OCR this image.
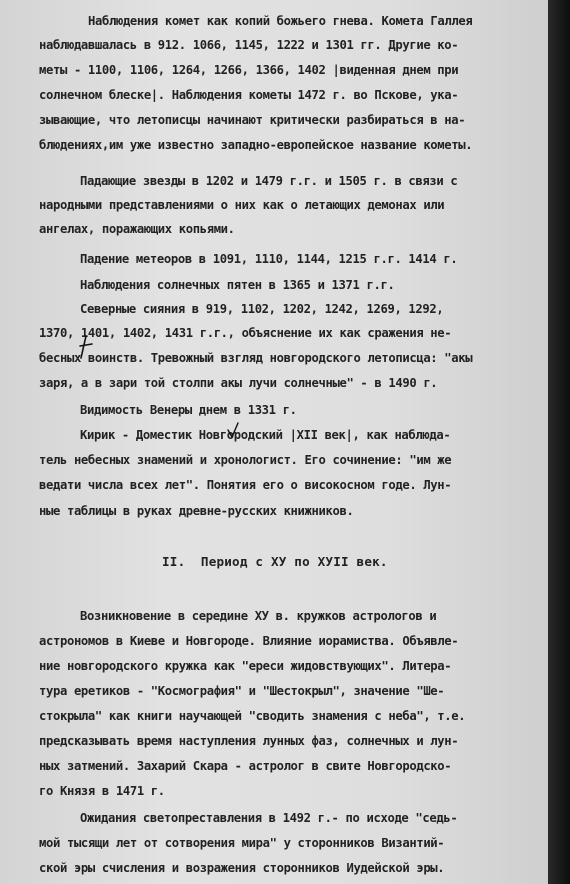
Наблюдения комет как копий божьего гнева. Комета Галлея
наблюдавшалась в 912. 1066, 1145, 1222 и 1301 гг. Другие ко-
меты - 1100, 1106, 1264, 1266, 1366, 1402 |виденная днем при
солнечном блеске|. Наблюдения кометы 1472 г. во Пскове, ука-
зывающие, что летописцы начинают критически разбираться в на-
блюдениях,им уже известно западно-европейское название кометы.
Падающие звезды в 1202 и 1479 г.г. и 1505 г. в связи с
народными представлениями о них как о летающих демонах или
ангелах, поражающих копьями.
Падение метеоров в 1091, 1110, 1144, 1215 г.г. 1414 г.
Наблюдения солнечных пятен в 1365 и 1371 г.г.
Северные сияния в 919, 1102, 1202, 1242, 1269, 1292,
1370, 1401, 1402, 1431 г.г., объяснение их как сражения не-
бесных воинств. Тревожный взгляд новгородского летописца: "акы
заря, а в зари той столпи акы лучи солнечные" - в 1490 г.
Видимость Венеры днем в 1331 г.
Кирик - Доместик Новгородский |XII век|, как наблюда-
тель небесных знамений и хронологист. Его сочинение: "им же
ведати числа всех лет". Понятия его о високосном годе. Лун-
ные таблицы в руках древне-русских книжников.
II.  Период с ХУ по ХУII век.
Возникновение в середине ХУ в. кружков астрологов и
астрономов в Киеве и Новгороде. Влияние иорамиства. Объявле-
ние новгородского кружка как "ереси жидовствующих". Литера-
тура еретиков - "Космография" и "Шестокрыл", значение "Ше-
стокрыла" как книги научающей "сводить знамения с неба", т.е.
предсказывать время наступления лунных фаз, солнечных и лун-
ных затмений. Захарий Скара - астролог в свите Новгородско-
го Князя в 1471 г.
Ожидания светопреставления в 1492 г.- по исходе "седь-
мой тысящи лет от сотворения мира" у сторонников Византий-
ской эры счисления и возражения сторонников Иудейской эры.
